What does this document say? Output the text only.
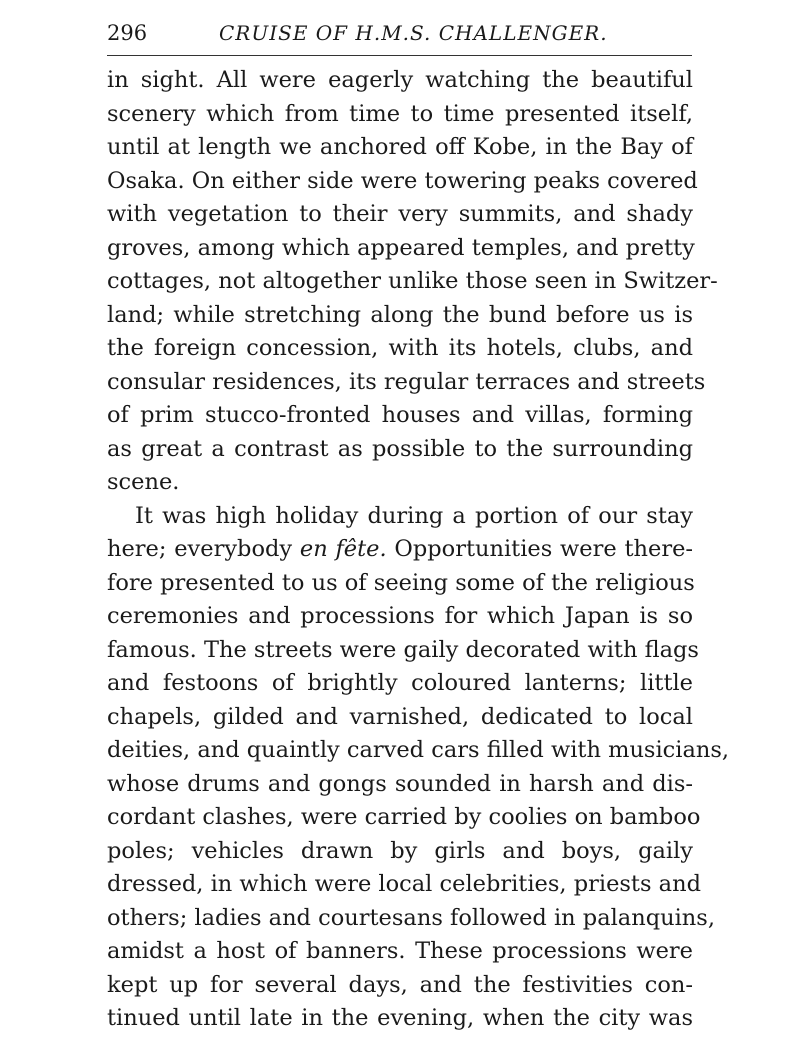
296	CRUISE OF H.M.S. CHALLENGER.
in sight. All were eagerly watching the beautiful
scenery which from time to time presented itself,
until at length we anchored off Kobe, in the Bay of
Osaka. On either side were towering peaks covered
with vegetation to their very summits, and shady
groves, among which appeared temples, and pretty
cottages, not altogether unlike those seen in Switzer-
land; while stretching along the bund before us is
the foreign concession, with its hotels, clubs, and
consular residences, its regular terraces and streets
of prim stucco-fronted houses and villas, forming
as great a contrast as possible to the surrounding
scene.
It was high holiday during a portion of our stay
here; everybody en fête. Opportunities were there-
fore presented to us of seeing some of the religious
ceremonies and processions for which Japan is so
famous. The streets were gaily decorated with flags
and festoons of brightly coloured lanterns; little
chapels, gilded and varnished, dedicated to local
deities, and quaintly carved cars filled with musicians,
whose drums and gongs sounded in harsh and dis-
cordant clashes, were carried by coolies on bamboo
poles; vehicles drawn by girls and boys, gaily
dressed, in which were local celebrities, priests and
others; ladies and courtesans followed in palanquins,
amidst a host of banners. These processions were
kept up for several days, and the festivities con-
tinued until late in the evening, when the city was
